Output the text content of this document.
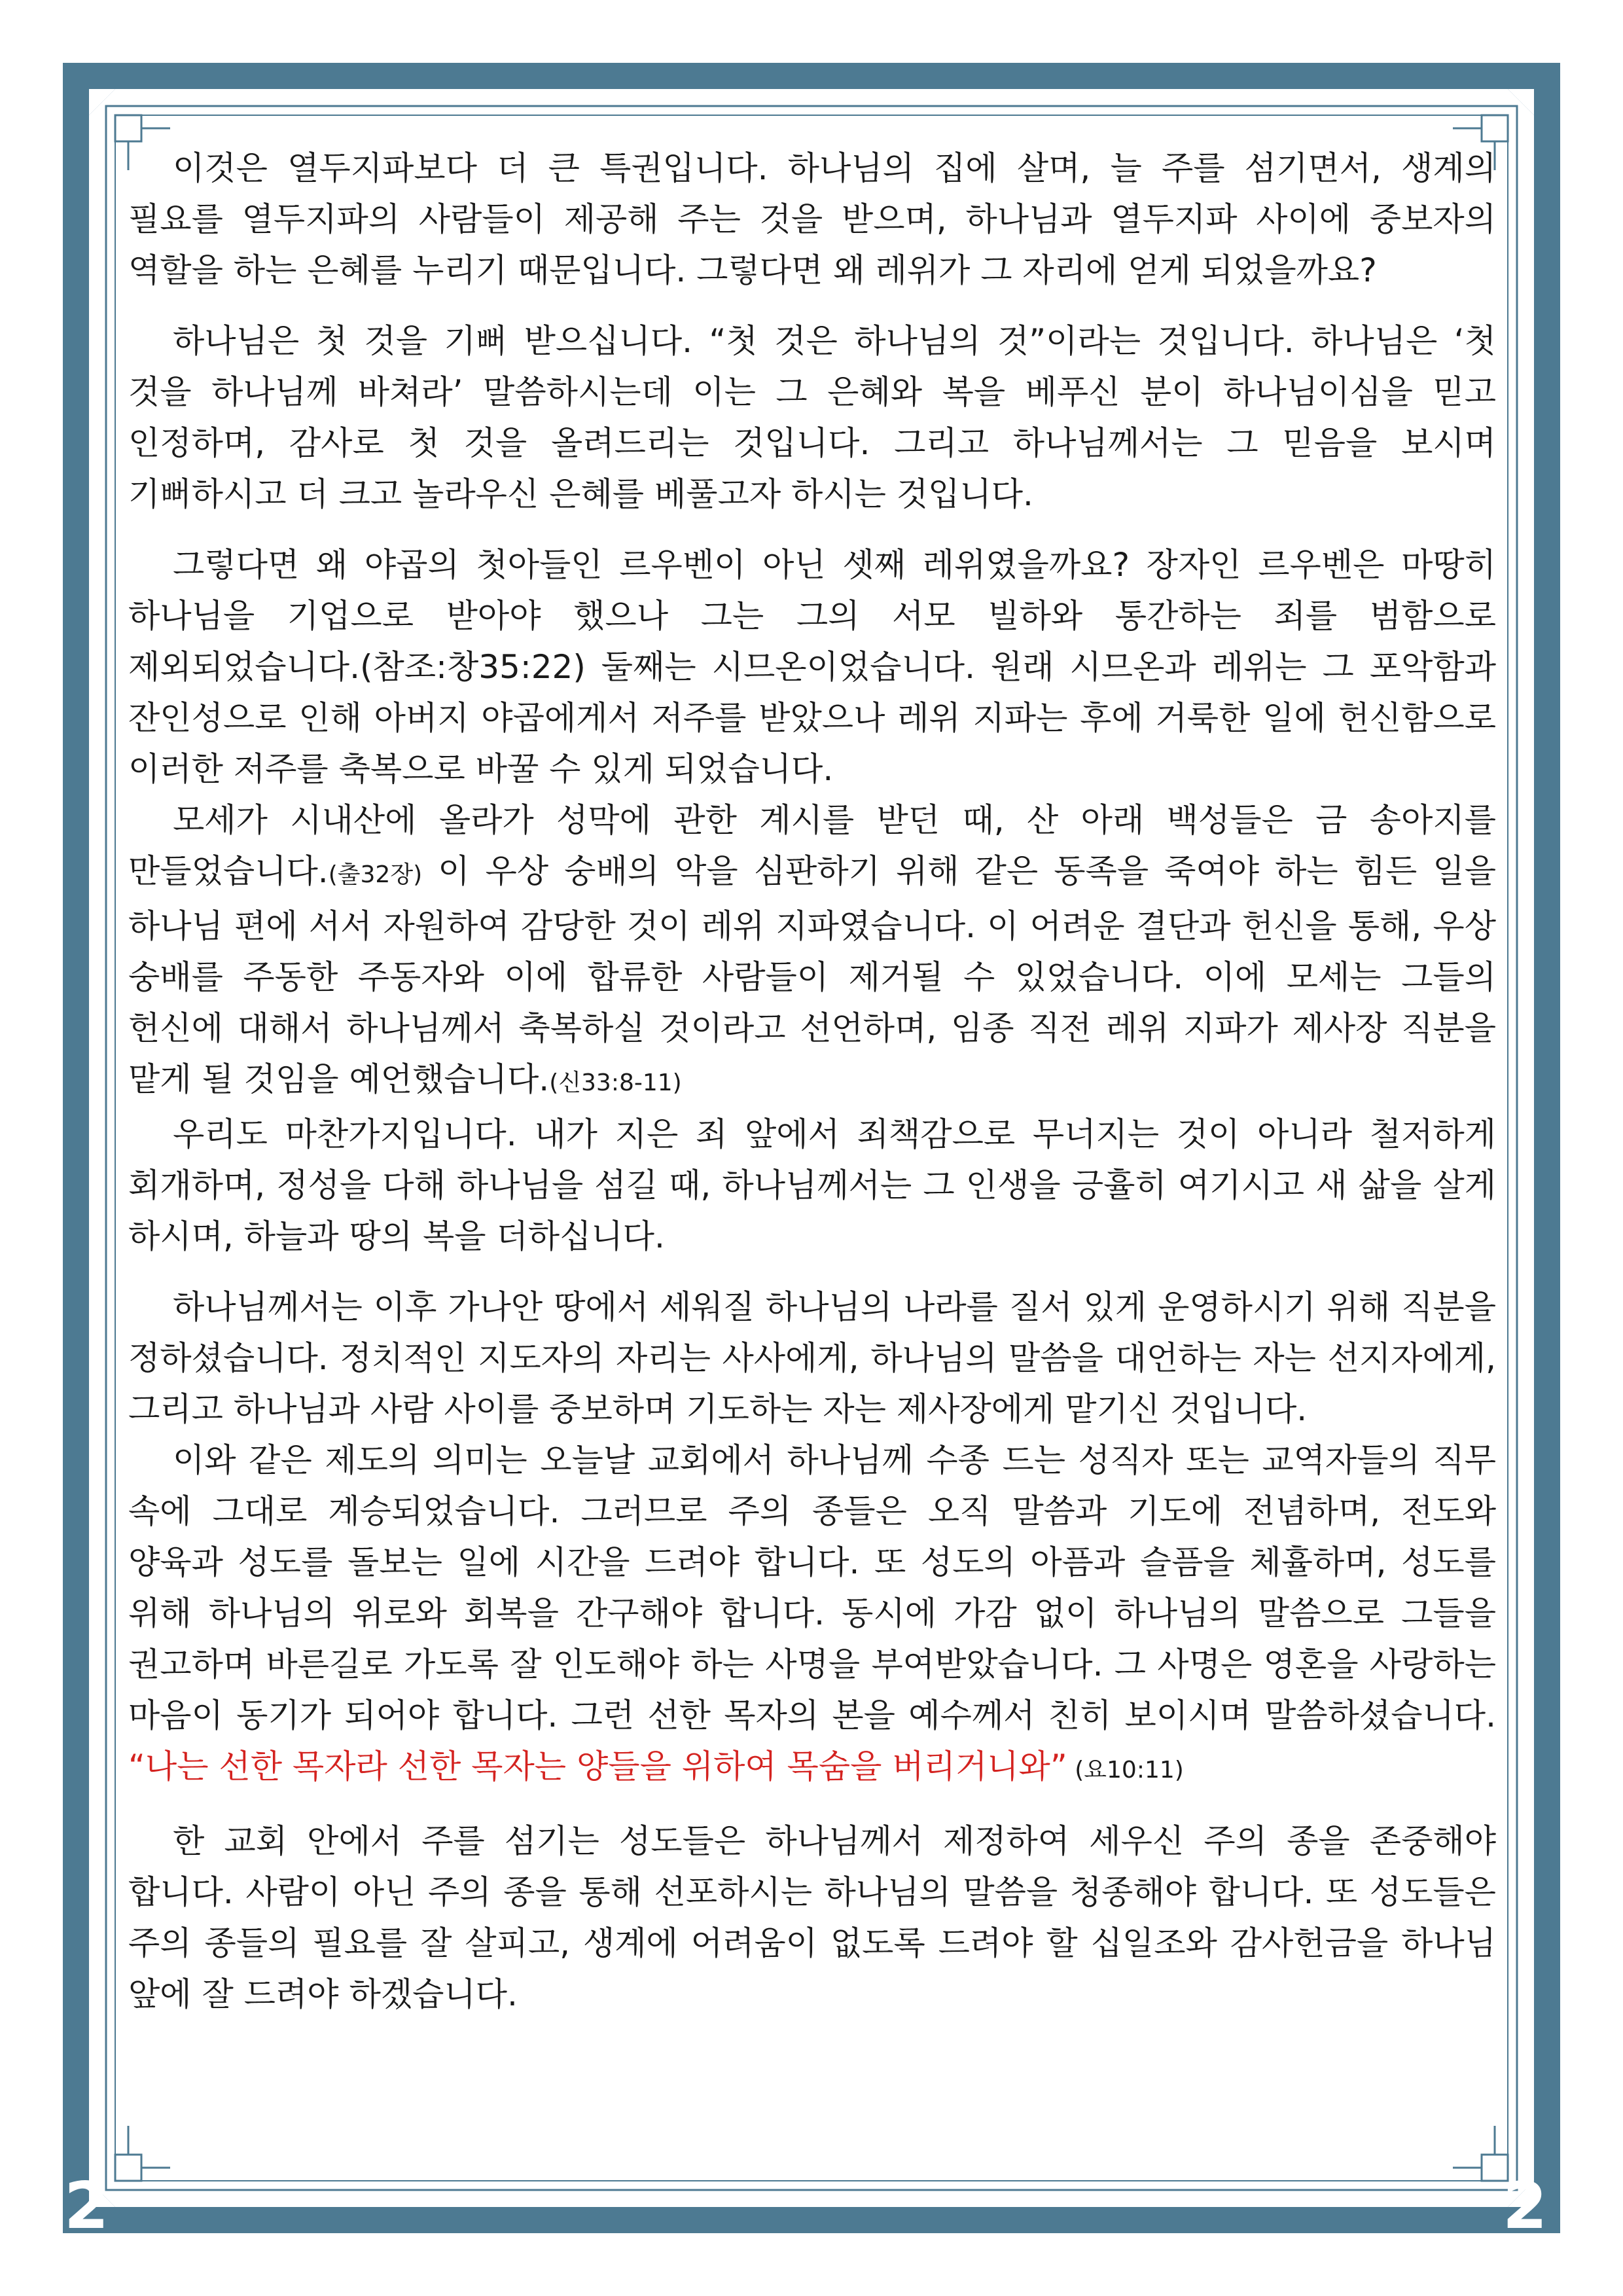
이것은 열두지파보다 더 큰 특권입니다. 하나님의 집에 살며, 늘 주를 섬기면서, 생계의 필요를 열두지파의 사람들이 제공해 주는 것을 받으며, 하나님과 열두지파 사이에 중보자의 역할을 하는 은혜를 누리기 때문입니다. 그렇다면 왜 레위가 그 자리에 얻게 되었을까요?

하나님은 첫 것을 기뻐 받으십니다. “첫 것은 하나님의 것”이라는 것입니다. 하나님은 ‘첫 것을 하나님께 바쳐라’ 말씀하시는데 이는 그 은혜와 복을 베푸신 분이 하나님이심을 믿고 인정하며, 감사로 첫 것을 올려드리는 것입니다. 그리고 하나님께서는 그 믿음을 보시며 기뻐하시고 더 크고 놀라우신 은혜를 베풀고자 하시는 것입니다.

그렇다면 왜 야곱의 첫아들인 르우벤이 아닌 셋째 레위였을까요? 장자인 르우벤은 마땅히 하나님을 기업으로 받아야 했으나 그는 그의 서모 빌하와 통간하는 죄를 범함으로 제외되었습니다.(참조:창35:22) 둘째는 시므온이었습니다. 원래 시므온과 레위는 그 포악함과 잔인성으로 인해 아버지 야곱에게서 저주를 받았으나 레위 지파는 후에 거룩한 일에 헌신함으로 이러한 저주를 축복으로 바꿀 수 있게 되었습니다.

모세가 시내산에 올라가 성막에 관한 계시를 받던 때, 산 아래 백성들은 금 송아지를 만들었습니다.(출32장) 이 우상 숭배의 악을 심판하기 위해 같은 동족을 죽여야 하는 힘든 일을 하나님 편에 서서 자원하여 감당한 것이 레위 지파였습니다. 이 어려운 결단과 헌신을 통해, 우상 숭배를 주동한 주동자와 이에 합류한 사람들이 제거될 수 있었습니다. 이에 모세는 그들의 헌신에 대해서 하나님께서 축복하실 것이라고 선언하며, 임종 직전 레위 지파가 제사장 직분을 맡게 될 것임을 예언했습니다.(신33:8-11)

우리도 마찬가지입니다. 내가 지은 죄 앞에서 죄책감으로 무너지는 것이 아니라 철저하게 회개하며, 정성을 다해 하나님을 섬길 때, 하나님께서는 그 인생을 긍휼히 여기시고 새 삶을 살게 하시며, 하늘과 땅의 복을 더하십니다.

하나님께서는 이후 가나안 땅에서 세워질 하나님의 나라를 질서 있게 운영하시기 위해 직분을 정하셨습니다. 정치적인 지도자의 자리는 사사에게, 하나님의 말씀을 대언하는 자는 선지자에게, 그리고 하나님과 사람 사이를 중보하며 기도하는 자는 제사장에게 맡기신 것입니다.

이와 같은 제도의 의미는 오늘날 교회에서 하나님께 수종 드는 성직자 또는 교역자들의 직무 속에 그대로 계승되었습니다. 그러므로 주의 종들은 오직 말씀과 기도에 전념하며, 전도와 양육과 성도를 돌보는 일에 시간을 드려야 합니다. 또 성도의 아픔과 슬픔을 체휼하며, 성도를 위해 하나님의 위로와 회복을 간구해야 합니다. 동시에 가감 없이 하나님의 말씀으로 그들을 권고하며 바른길로 가도록 잘 인도해야 하는 사명을 부여받았습니다. 그 사명은 영혼을 사랑하는 마음이 동기가 되어야 합니다. 그런 선한 목자의 본을 예수께서 친히 보이시며 말씀하셨습니다. “나는 선한 목자라 선한 목자는 양들을 위하여 목숨을 버리거니와” (요10:11)

한 교회 안에서 주를 섬기는 성도들은 하나님께서 제정하여 세우신 주의 종을 존중해야 합니다. 사람이 아닌 주의 종을 통해 선포하시는 하나님의 말씀을 청종해야 합니다. 또 성도들은 주의 종들의 필요를 잘 살피고, 생계에 어려움이 없도록 드려야 할 십일조와 감사헌금을 하나님 앞에 잘 드려야 하겠습니다.

2	2
